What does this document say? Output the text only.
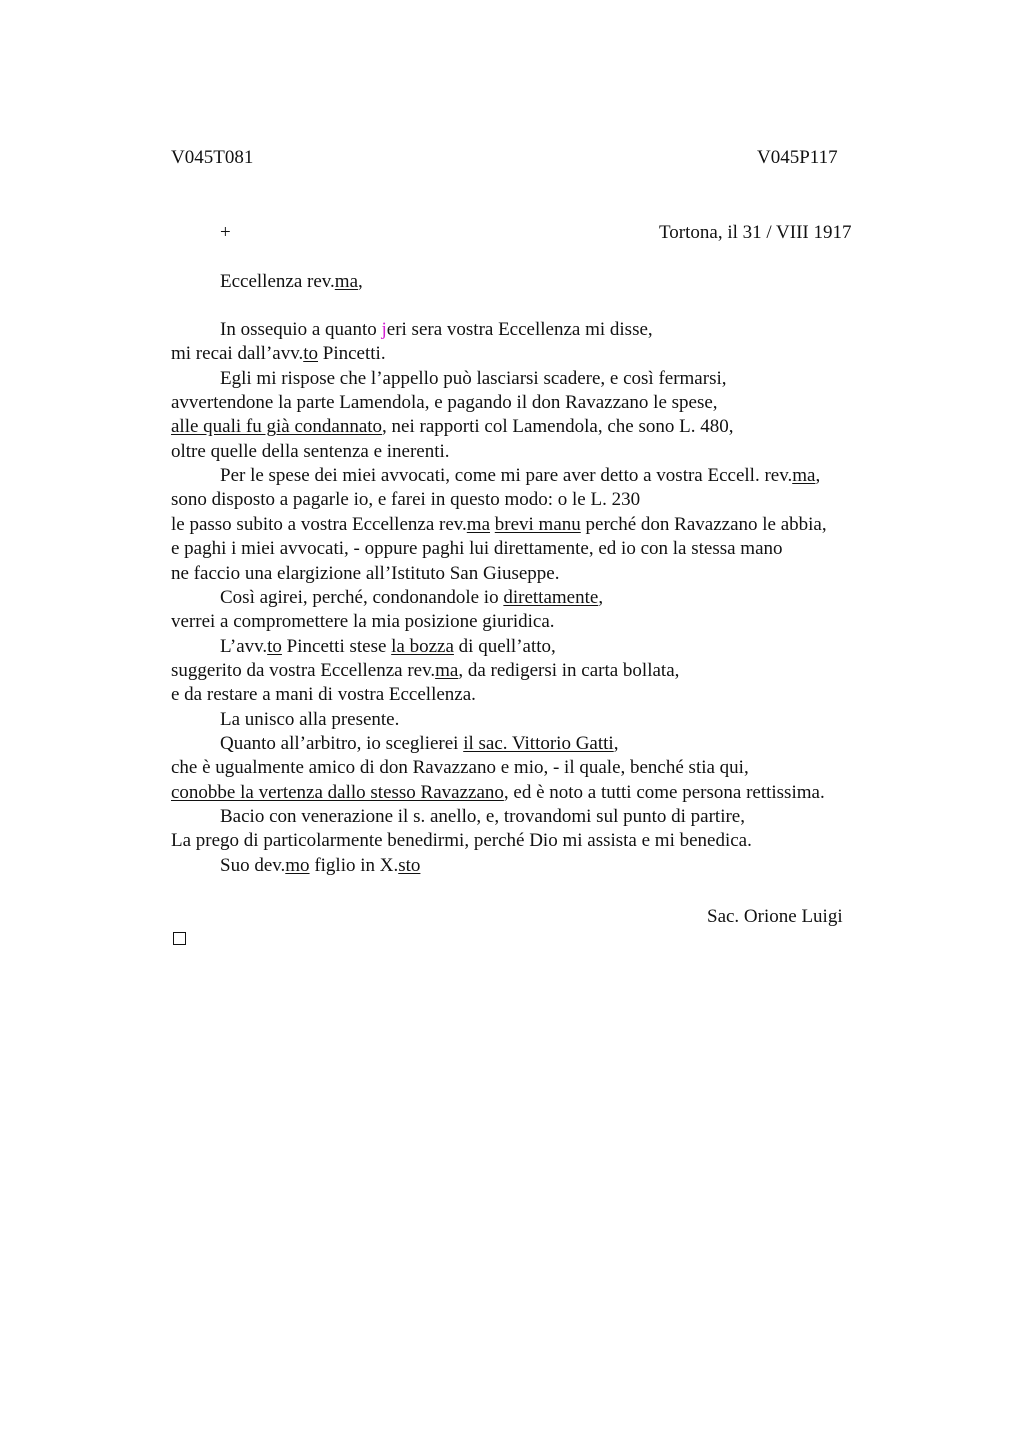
V045T081	V045P117
+	Tortona, il 31 / VIII 1917
Eccellenza rev.ma,
In ossequio a quanto jeri sera vostra Eccellenza mi disse,
mi recai dall’avv.to Pincetti.
Egli mi rispose che l’appello può lasciarsi scadere, e così fermarsi,
avvertendone la parte Lamendola, e pagando il don Ravazzano le spese,
alle quali fu già condannato, nei rapporti col Lamendola, che sono L. 480,
oltre quelle della sentenza e inerenti.
Per le spese dei miei avvocati, come mi pare aver detto a vostra Eccell. rev.ma,
sono disposto a pagarle io, e farei in questo modo: o le L. 230
le passo subito a vostra Eccellenza rev.ma brevi manu perché don Ravazzano le abbia,
e paghi i miei avvocati, - oppure paghi lui direttamente, ed io con la stessa mano
ne faccio una elargizione all’Istituto San Giuseppe.
Così agirei, perché, condonandole io direttamente,
verrei a compromettere la mia posizione giuridica.
L’avv.to Pincetti stese la bozza di quell’atto,
suggerito da vostra Eccellenza rev.ma, da redigersi in carta bollata,
e da restare a mani di vostra Eccellenza.
La unisco alla presente.
Quanto all’arbitro, io sceglierei il sac. Vittorio Gatti,
che è ugualmente amico di don Ravazzano e mio, - il quale, benché stia qui,
conobbe la vertenza dallo stesso Ravazzano, ed è noto a tutti come persona rettissima.
Bacio con venerazione il s. anello, e, trovandomi sul punto di partire,
La prego di particolarmente benedirmi, perché Dio mi assista e mi benedica.
Suo dev.mo figlio in X.sto
Sac. Orione Luigi
